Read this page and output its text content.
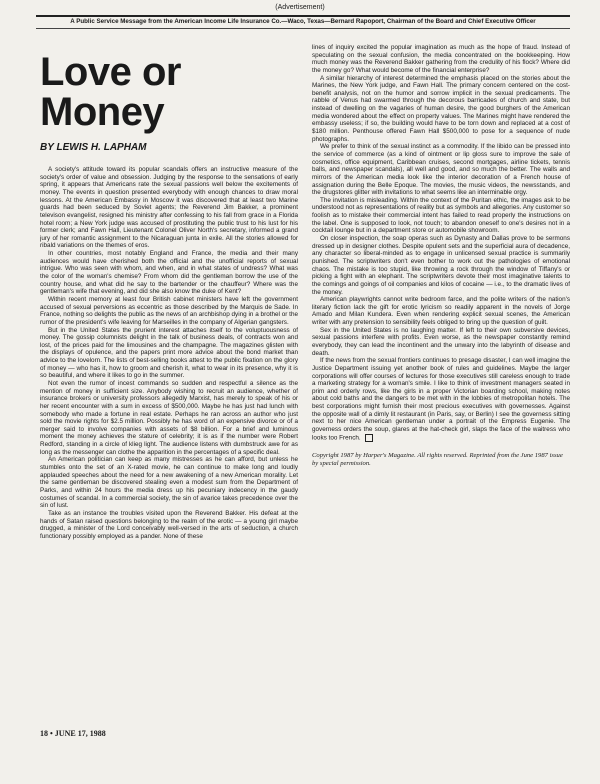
(Advertisement)
A Public Service Message from the American Income Life Insurance Co.—Waco, Texas—Bernard Rapoport, Chairman of the Board and Chief Executive Officer
Love or Money
BY LEWIS H. LAPHAM

A society's attitude toward its popular scandals offers an instructive measure of the society's order of value and obsession. Judging by the response to the sensations of early spring, it appears that Americans rate the sexual passions well below the excitements of money. The events in question presented everybody with enough chances to draw moral lessons. At the American Embassy in Moscow it was discovered that at least two Marine guards had been seduced by Soviet agents; the Reverend Jim Bakker, a prominent televison evangelist, resigned his ministry after confessing to his fall from grace in a Florida hotel room; a New York judge was accused of prostituting the public trust to his lust for his former clerk; and Fawn Hall, Lieutenant Colonel Oliver North's secretary, informed a grand jury of her romantic assignment to the Nicaraguan junta in exile. All the stories allowed for ribald variations on the themes of eros.

In other countries, most notably England and France, the media and their many audiences would have cherished both the official and the unofficial reports of sexual intrigue. Who was seen with whom, and when, and in what states of undress? What was the color of the woman's chemise? From whom did the gentleman borrow the use of the country house, and what did he say to the bartender or the chauffeur? Where was the gentleman's wife that evening, and did she also know the duke of Kent?

Within recent memory at least four British cabinet ministers have left the government accused of sexual perversions as eccentric as those described by the Marquis de Sade. In France, nothing so delights the public as the news of an archbishop dying in a brothel or the rumor of the president's wife leaving for Marseilles in the company of Algerian gangsters.

But in the United States the prurient interest attaches itself to the voluptuousness of money. The gossip columnists delight in the talk of business deals, of contracts won and lost, of the prices paid for the limousines and the champagne. The magazines glisten with the displays of opulence, and the papers print more advice about the bond market than advice to the lovelorn. The lists of best-selling books attest to the public fixation on the glory of money — who has it, how to groom and cherish it, what to wear in its presence, why it is so beautiful, and where it likes to go in the summer.

Not even the rumor of incest commands so sudden and respectful a silence as the mention of money in sufficient size. Anybody wishing to recruit an audience, whether of insurance brokers or university professors allegedly Marxist, has merely to speak of his or her recent encounter with a sum in excess of $500,000. Maybe he has just had lunch with somebody who made a fortune in real estate. Perhaps he ran across an author who just sold the movie rights for $2.5 million. Possibly he has word of an expensive divorce or of a merger said to involve companies with assets of $8 billion. For a brief and luminous moment the money achieves the stature of celebrity; it is as if the number were Robert Redford, standing in a circle of klieg light. The audience listens with dumbstruck awe for as long as the messenger can clothe the apparition in the percentages of a specific deal.

An American politician can keep as many mistresses as he can afford, but unless he stumbles onto the set of an X-rated movie, he can continue to make long and loudly applauded speeches about the need for a new awakening of a new American morality. Let the same gentleman be discovered stealing even a modest sum from the Department of Parks, and within 24 hours the media dress up his pecuniary indecency in the gaudy costumes of scandal. In a commercial society, the sin of avarice takes precedence over the sin of lust.

Take as an instance the troubles visited upon the Reverend Bakker. His defeat at the hands of Satan raised questions belonging to the realm of the erotic — a young girl maybe drugged, a minister of the Lord conceivably well-versed in the arts of seduction, a church functionary possibly employed as a pander. None of these

lines of inquiry excited the popular imagination as much as the hope of fraud. Instead of speculating on the sexual confusion, the media concentrated on the bookkeeping. How much money was the Reverend Bakker gathering from the credulity of his flock? Where did the money go? What would become of the financial enterprise?

A similar hierarchy of interest determined the emphasis placed on the stories about the Marines, the New York judge, and Fawn Hall. The primary concern centered on the cost-benefit analysis, not on the humor and sorrow implicit in the sexual predicaments. The rabble of Venus had swarmed through the decorous barricades of church and state, but instead of dwelling on the vagaries of human desire, the good burghers of the American media wondered about the effect on property values. The Marines might have rendered the embassy useless; if so, the building would have to be torn down and replaced at a cost of $180 million. Penthouse offered Fawn Hall $500,000 to pose for a sequence of nude photographs.

We prefer to think of the sexual instinct as a commodity. If the libido can be pressed into the service of commerce (as a kind of ointment or lip gloss sure to improve the sale of cosmetics, office equipment, Caribbean cruises, second mortgages, airline tickets, tennis balls, and newspaper scandals), all well and good, and so much the better. The walls and mirrors of the American media look like the interior decoration of a French house of assignation during the Belle Epoque. The movies, the music videos, the newsstands, and the drugstores glitter with invitations to what seems like an interminable orgy.

The invitation is misleading. Within the context of the Puritan ethic, the images ask to be understood not as representations of reality but as symbols and allegories. Any customer so foolish as to mistake their commercial intent has failed to read properly the instructions on the label. One is supposed to look, not touch; to abandon oneself to one's desires not in a cocktail lounge but in a department store or automobile showroom.

On closer inspection, the soap operas such as Dynasty and Dallas prove to be sermons dressed up in designer clothes. Despite opulent sets and the superficial aura of decadence, any character so liberal-minded as to engage in unlicensed sexual practice is summarily punished. The scriptwriters don't even bother to work out the pathologies of emotional chaos. The mistake is too stupid, like throwing a rock through the window of Tiffany's or picking a fight with an elephant. The scriptwriters devote their most imaginative talents to the comings and goings of oil companies and kilos of cocaine — i.e., to the dramatic lives of the money.

American playwrights cannot write bedroom farce, and the polite writers of the nation's literary fiction lack the gift for erotic lyricism so readily apparent in the novels of Jorge Amado and Milan Kundera. Even when rendering explicit sexual scenes, the American writer with any pretension to sensibility feels obliged to bring up the question of guilt.

Sex in the United States is no laughing matter. If left to their own subversive devices, sexual passions interfere with profits. Even worse, as the newspaper constantly remind everybody, they can lead the incontinent and the unwary into the labyrinth of disease and death.

If the news from the sexual frontiers continues to presage disaster, I can well imagine the Justice Department issuing yet another book of rules and guidelines. Maybe the larger corporations will offer courses of lectures for those executives still careless enough to trade a marketing strategy for a woman's smile. I like to think of investment managers seated in prim and orderly rows, like the girls in a proper Victorian boarding school, making notes about cold baths and the dangers to be met with in the lobbies of metropolitan hotels. The best corporations might furnish their most precious executives with governesses. Against the opposite wall of a dimly lit restaurant (in Paris, say, or Berlin) I see the governess sitting next to her nice American gentleman under a portrait of the Empress Eugenie. The governess orders the soup, glares at the hat-check girl, slaps the face of the waitress who looks too French.

Copyright 1987 by Harper's Magazine. All rights reserved. Reprinted from the June 1987 issue by special permission.
18 • JUNE 17, 1988
